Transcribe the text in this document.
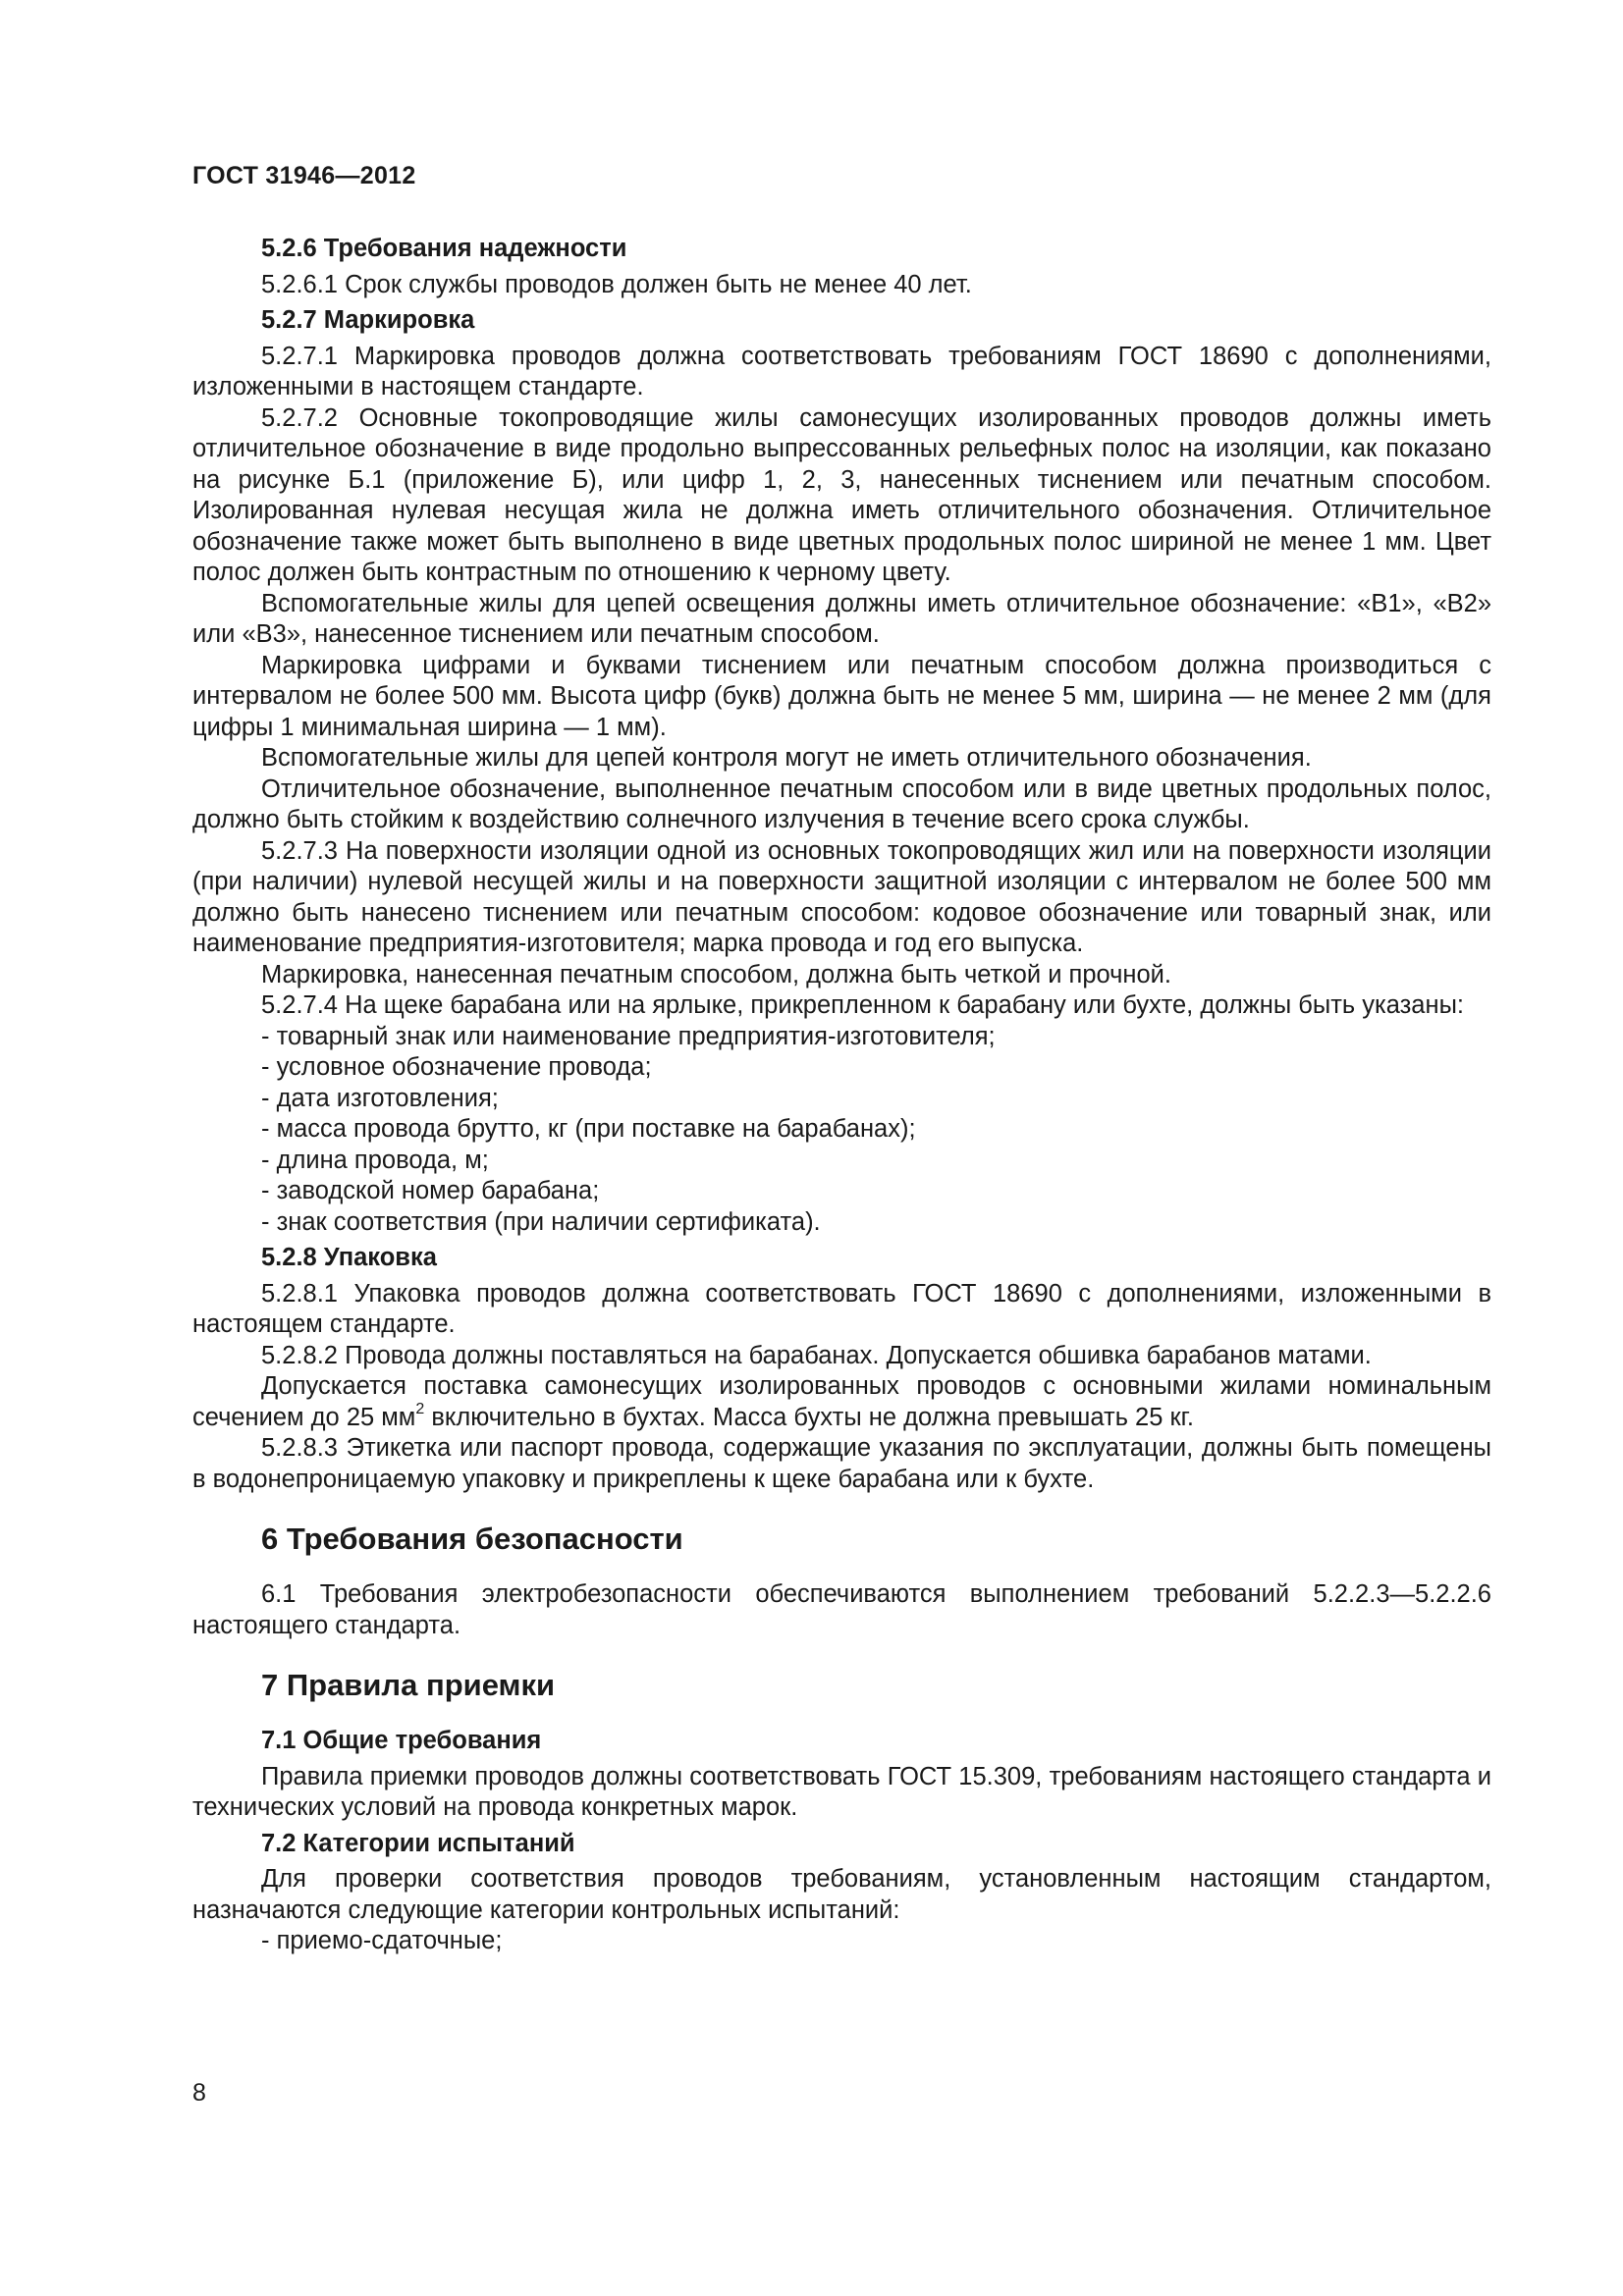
ГОСТ 31946—2012
5.2.6 Требования надежности

5.2.6.1 Срок службы проводов должен быть не менее 40 лет.

5.2.7 Маркировка

5.2.7.1 Маркировка проводов должна соответствовать требованиям ГОСТ 18690 с дополнениями, изложенными в настоящем стандарте.

5.2.7.2 Основные токопроводящие жилы самонесущих изолированных проводов должны иметь отличительное обозначение в виде продольно выпрессованных рельефных полос на изоляции, как показано на рисунке Б.1 (приложение Б), или цифр 1, 2, 3, нанесенных тиснением или печатным способом. Изолированная нулевая несущая жила не должна иметь отличительного обозначения. Отличительное обозначение также может быть выполнено в виде цветных продольных полос шириной не менее 1 мм. Цвет полос должен быть контрастным по отношению к черному цвету.

Вспомогательные жилы для цепей освещения должны иметь отличительное обозначение: «В1», «В2» или «В3», нанесенное тиснением или печатным способом.

Маркировка цифрами и буквами тиснением или печатным способом должна производиться с интервалом не более 500 мм. Высота цифр (букв) должна быть не менее 5 мм, ширина — не менее 2 мм (для цифры 1 минимальная ширина — 1 мм).

Вспомогательные жилы для цепей контроля могут не иметь отличительного обозначения.

Отличительное обозначение, выполненное печатным способом или в виде цветных продольных полос, должно быть стойким к воздействию солнечного излучения в течение всего срока службы.

5.2.7.3 На поверхности изоляции одной из основных токопроводящих жил или на поверхности изоляции (при наличии) нулевой несущей жилы и на поверхности защитной изоляции с интервалом не более 500 мм должно быть нанесено тиснением или печатным способом: кодовое обозначение или товарный знак, или наименование предприятия-изготовителя; марка провода и год его выпуска.

Маркировка, нанесенная печатным способом, должна быть четкой и прочной.

5.2.7.4 На щеке барабана или на ярлыке, прикрепленном к барабану или бухте, должны быть указаны:

- товарный знак или наименование предприятия-изготовителя;
- условное обозначение провода;
- дата изготовления;
- масса провода брутто, кг (при поставке на барабанах);
- длина провода, м;
- заводской номер барабана;
- знак соответствия (при наличии сертификата).
5.2.8 Упаковка

5.2.8.1 Упаковка проводов должна соответствовать ГОСТ 18690 с дополнениями, изложенными в настоящем стандарте.

5.2.8.2 Провода должны поставляться на барабанах. Допускается обшивка барабанов матами.

Допускается поставка самонесущих изолированных проводов с основными жилами номинальным сечением до 25 $мм^2$ включительно в бухтах. Масса бухты не должна превышать 25 кг.

5.2.8.3 Этикетка или паспорт провода, содержащие указания по эксплуатации, должны быть помещены в водонепроницаемую упаковку и прикреплены к щеке барабана или к бухте.

6 Требования безопасности

6.1 Требования электробезопасности обеспечиваются выполнением требований 5.2.2.3—5.2.2.6 настоящего стандарта.

7 Правила приемки
7.1 Общие требования

Правила приемки проводов должны соответствовать ГОСТ 15.309, требованиям настоящего стандарта и технических условий на провода конкретных марок.

7.2 Категории испытаний

Для проверки соответствия проводов требованиям, установленным настоящим стандартом, назначаются следующие категории контрольных испытаний:

- приемо-сдаточные;
8
